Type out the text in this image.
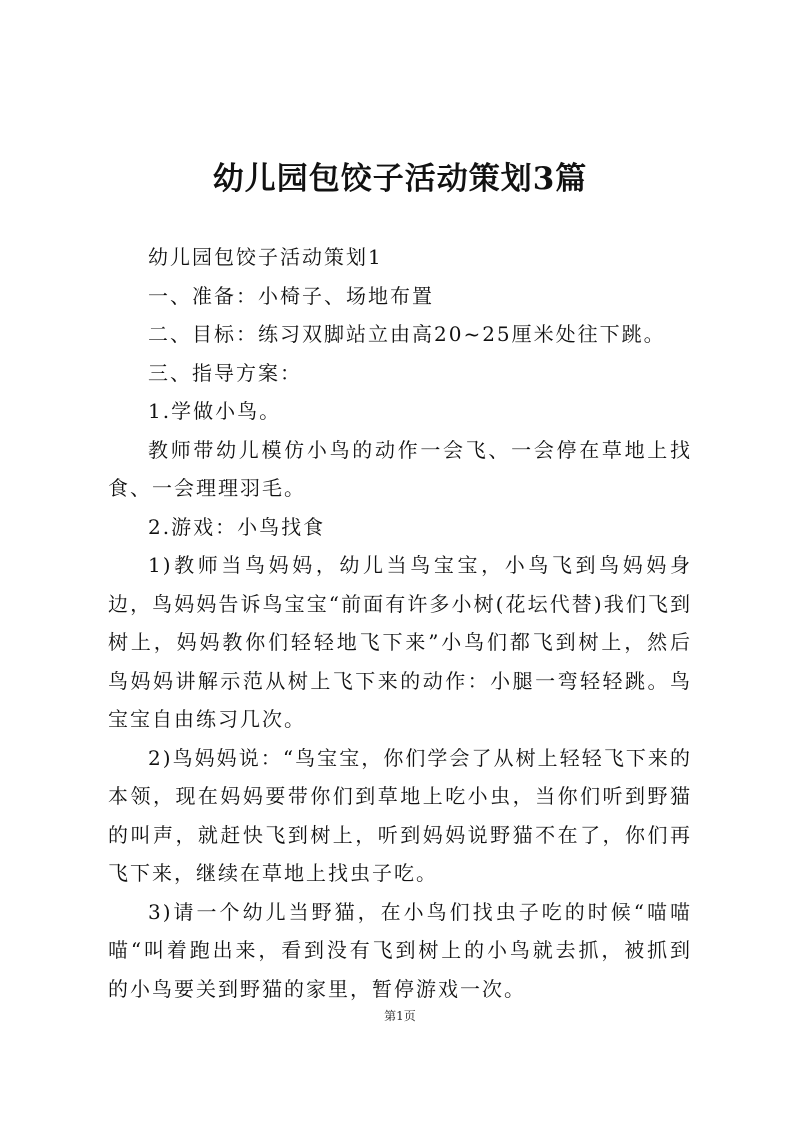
幼儿园包饺子活动策划3篇

幼儿园包饺子活动策划1

一、准备：小椅子、场地布置

二、目标：练习双脚站立由高20~25厘米处往下跳。

三、指导方案：

1.学做小鸟。

教师带幼儿模仿小鸟的动作一会飞、一会停在草地上找食、一会理理羽毛。

2.游戏：小鸟找食

1)教师当鸟妈妈，幼儿当鸟宝宝，小鸟飞到鸟妈妈身边，鸟妈妈告诉鸟宝宝“前面有许多小树(花坛代替)我们飞到树上，妈妈教你们轻轻地飞下来”小鸟们都飞到树上，然后鸟妈妈讲解示范从树上飞下来的动作：小腿一弯轻轻跳。鸟宝宝自由练习几次。

2)鸟妈妈说：“鸟宝宝，你们学会了从树上轻轻飞下来的本领，现在妈妈要带你们到草地上吃小虫，当你们听到野猫的叫声，就赶快飞到树上，听到妈妈说野猫不在了，你们再飞下来，继续在草地上找虫子吃。

3)请一个幼儿当野猫，在小鸟们找虫子吃的时候“喵喵喵“叫着跑出来，看到没有飞到树上的小鸟就去抓，被抓到的小鸟要关到野猫的家里，暂停游戏一次。

第1页
